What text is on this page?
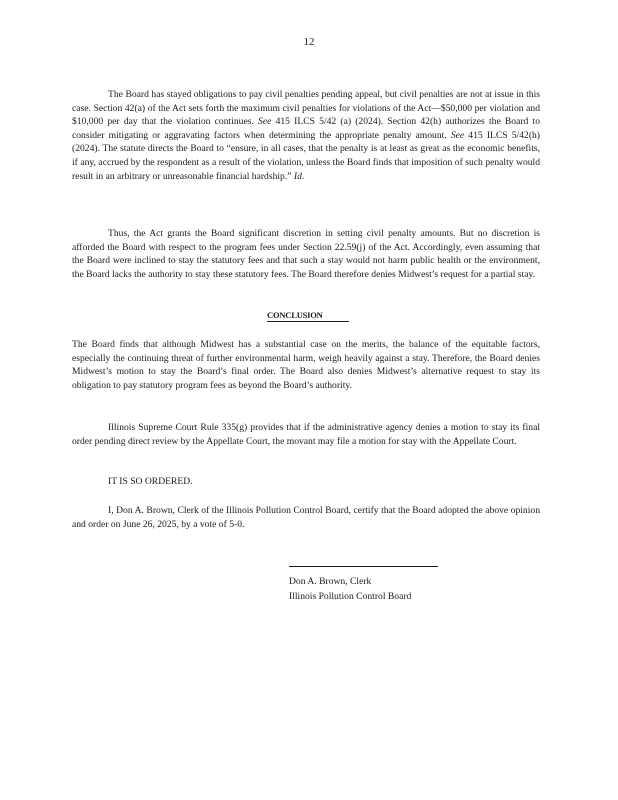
12
The Board has stayed obligations to pay civil penalties pending appeal, but civil penalties are not at issue in this case. Section 42(a) of the Act sets forth the maximum civil penalties for violations of the Act—$50,000 per violation and $10,000 per day that the violation continues. See 415 ILCS 5/42 (a) (2024). Section 42(h) authorizes the Board to consider mitigating or aggravating factors when determining the appropriate penalty amount. See 415 ILCS 5/42(h) (2024). The statute directs the Board to “ensure, in all cases, that the penalty is at least as great as the economic benefits, if any, accrued by the respondent as a result of the violation, unless the Board finds that imposition of such penalty would result in an arbitrary or unreasonable financial hardship.” Id.
Thus, the Act grants the Board significant discretion in setting civil penalty amounts. But no discretion is afforded the Board with respect to the program fees under Section 22.59(j) of the Act. Accordingly, even assuming that the Board were inclined to stay the statutory fees and that such a stay would not harm public health or the environment, the Board lacks the authority to stay these statutory fees. The Board therefore denies Midwest’s request for a partial stay.
CONCLUSION
The Board finds that although Midwest has a substantial case on the merits, the balance of the equitable factors, especially the continuing threat of further environmental harm, weigh heavily against a stay. Therefore, the Board denies Midwest’s motion to stay the Board’s final order. The Board also denies Midwest’s alternative request to stay its obligation to pay statutory program fees as beyond the Board’s authority.
Illinois Supreme Court Rule 335(g) provides that if the administrative agency denies a motion to stay its final order pending direct review by the Appellate Court, the movant may file a motion for stay with the Appellate Court.
IT IS SO ORDERED.
I, Don A. Brown, Clerk of the Illinois Pollution Control Board, certify that the Board adopted the above opinion and order on June 26, 2025, by a vote of 5-0.
Don A. Brown, Clerk
Illinois Pollution Control Board
